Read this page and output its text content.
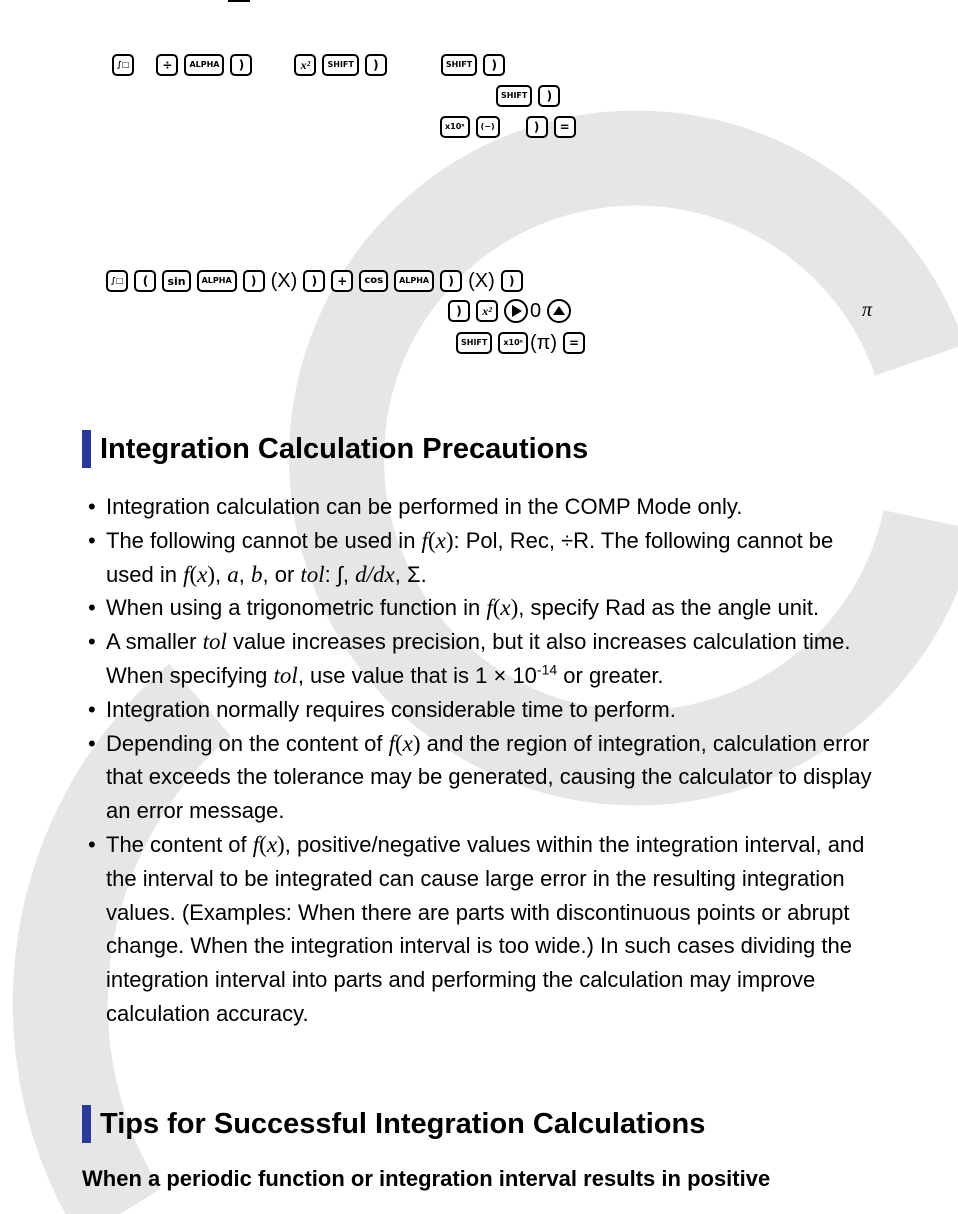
∫□	÷	ALPHA	)	x²	SHIFT	)	SHIFT	)
SHIFT	)
x10ˣ	(−)	)	=
∫□	(	sin	ALPHA	) (X)	)	+	cos	ALPHA	) (X)	)
)	x²	0	π
SHIFT	x10ˣ (π) =
Integration Calculation Precautions
• Integration calculation can be performed in the COMP Mode only.
• The following cannot be used in f(x): Pol, Rec, ÷R. The following cannot be used in f(x), a, b, or tol: ∫, d/dx, Σ.
• When using a trigonometric function in f(x), specify Rad as the angle unit.
• A smaller tol value increases precision, but it also increases calculation time. When specifying tol, use value that is $1 \times 10^{-14}$ or greater.
• Integration normally requires considerable time to perform.
• Depending on the content of f(x) and the region of integration, calculation error that exceeds the tolerance may be generated, causing the calculator to display an error message.
• The content of f(x), positive/negative values within the integration interval, and the interval to be integrated can cause large error in the resulting integration values. (Examples: When there are parts with discontinuous points or abrupt change. When the integration interval is too wide.) In such cases dividing the integration interval into parts and performing the calculation may improve calculation accuracy.
Tips for Successful Integration Calculations
When a periodic function or integration interval results in positive
